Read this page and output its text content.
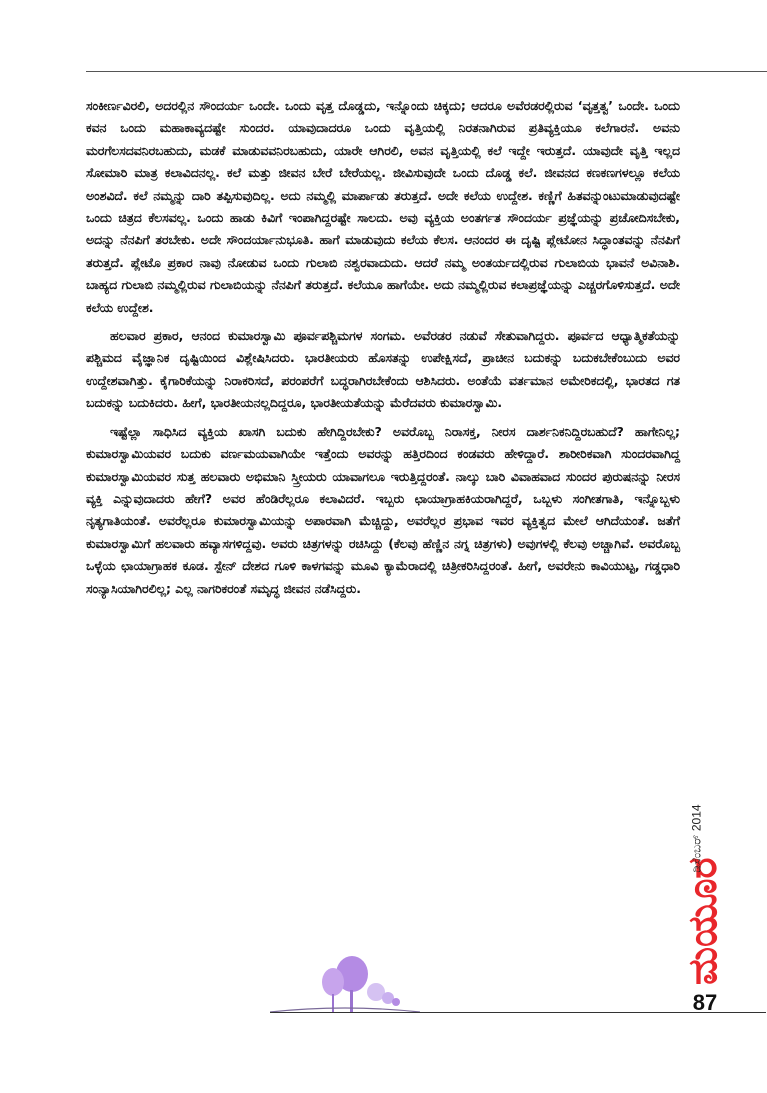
ಸಂಕೀರ್ಣವಿರಲಿ, ಅದರಲ್ಲಿನ ಸೌಂದರ್ಯ ಒಂದೇ. ಒಂದು ವೃತ್ತ ದೊಡ್ಡದು, ಇನ್ನೊಂದು ಚಿಕ್ಕದು; ಆದರೂ ಅವೆರಡರಲ್ಲಿರುವ ‘ವೃತ್ತತ್ವ’ ಒಂದೇ. ಒಂದು ಕವನ ಒಂದು ಮಹಾಕಾವ್ಯದಷ್ಟೇ ಸುಂದರ. ಯಾವುದಾದರೂ ಒಂದು ವೃತ್ತಿಯಲ್ಲಿ ನಿರತನಾಗಿರುವ ಪ್ರತಿವ್ಯಕ್ತಿಯೂ ಕಲೆಗಾರನೆ. ಅವನು ಮರಗೆಲಸದವನಿರಬಹುದು, ಮಡಕೆ ಮಾಡುವವನಿರಬಹುದು, ಯಾರೇ ಆಗಿರಲಿ, ಅವನ ವೃತ್ತಿಯಲ್ಲಿ ಕಲೆ ಇದ್ದೇ ಇರುತ್ತದೆ. ಯಾವುದೇ ವೃತ್ತಿ ಇಲ್ಲದ ಸೋಮಾರಿ ಮಾತ್ರ ಕಲಾವಿದನಲ್ಲ. ಕಲೆ ಮತ್ತು ಜೀವನ ಬೇರೆ ಬೇರೆಯಲ್ಲ. ಜೀವಿಸುವುದೇ ಒಂದು ದೊಡ್ಡ ಕಲೆ. ಜೀವನದ ಕಣಕಣಗಳಲ್ಲೂ ಕಲೆಯ ಅಂಶವಿದೆ. ಕಲೆ ನಮ್ಮನ್ನು ದಾರಿ ತಪ್ಪಿಸುವುದಿಲ್ಲ. ಅದು ನಮ್ಮಲ್ಲಿ ಮಾರ್ಪಾಡು ತರುತ್ತದೆ. ಅದೇ ಕಲೆಯ ಉದ್ದೇಶ. ಕಣ್ಣಿಗೆ ಹಿತವನ್ನುಂಟುಮಾಡುವುದಷ್ಟೇ ಒಂದು ಚಿತ್ರದ ಕೆಲಸವಲ್ಲ. ಒಂದು ಹಾಡು ಕಿವಿಗೆ ಇಂಪಾಗಿದ್ದರಷ್ಟೇ ಸಾಲದು. ಅವು ವ್ಯಕ್ತಿಯ ಅಂತರ್ಗತ ಸೌಂದರ್ಯ ಪ್ರಜ್ಞೆಯನ್ನು ಪ್ರಚೋದಿಸಬೇಕು, ಅದನ್ನು ನೆನಪಿಗೆ ತರಬೇಕು. ಅದೇ ಸೌಂದರ್ಯಾನುಭೂತಿ. ಹಾಗೆ ಮಾಡುವುದು ಕಲೆಯ ಕೆಲಸ. ಆನಂದರ ಈ ದೃಷ್ಟಿ ಪ್ಲೇಟೋನ ಸಿದ್ಧಾಂತವನ್ನು ನೆನಪಿಗೆ ತರುತ್ತದೆ. ಪ್ಲೇಟೊ ಪ್ರಕಾರ ನಾವು ನೋಡುವ ಒಂದು ಗುಲಾಬಿ ನಶ್ವರವಾದುದು. ಆದರೆ ನಮ್ಮ ಅಂತರ್ಯದಲ್ಲಿರುವ ಗುಲಾಬಿಯ ಭಾವನೆ ಅವಿನಾಶಿ. ಬಾಹ್ಯದ ಗುಲಾಬಿ ನಮ್ಮಲ್ಲಿರುವ ಗುಲಾಬಿಯನ್ನು ನೆನಪಿಗೆ ತರುತ್ತದೆ. ಕಲೆಯೂ ಹಾಗೆಯೇ. ಅದು ನಮ್ಮಲ್ಲಿರುವ ಕಲಾಪ್ರಜ್ಞೆಯನ್ನು ಎಚ್ಚರಗೊಳಿಸುತ್ತದೆ. ಅದೇ ಕಲೆಯ ಉದ್ದೇಶ.

ಹಲವಾರ ಪ್ರಕಾರ, ಆನಂದ ಕುಮಾರಸ್ವಾಮಿ ಪೂರ್ವಪಶ್ಚಿಮಗಳ ಸಂಗಮ. ಅವೆರಡರ ನಡುವೆ ಸೇತುವಾಗಿದ್ದರು. ಪೂರ್ವದ ಆಧ್ಯಾತ್ಮಿಕತೆಯನ್ನು ಪಶ್ಚಿಮದ ವೈಜ್ಞಾನಿಕ ದೃಷ್ಟಿಯಿಂದ ವಿಶ್ಲೇಷಿಸಿದರು. ಭಾರತೀಯರು ಹೊಸತನ್ನು ಉಪೇಕ್ಷಿಸದೆ, ಪ್ರಾಚೀನ ಬದುಕನ್ನು ಬದುಕಬೇಕೆಂಬುದು ಅವರ ಉದ್ದೇಶವಾಗಿತ್ತು. ಕೈಗಾರಿಕೆಯನ್ನು ನಿರಾಕರಿಸದೆ, ಪರಂಪರೆಗೆ ಬದ್ಧರಾಗಿರಬೇಕೆಂದು ಆಶಿಸಿದರು. ಅಂತೆಯೆ ವರ್ತಮಾನ ಅಮೇರಿಕದಲ್ಲಿ, ಭಾರತದ ಗತ ಬದುಕನ್ನು ಬದುಕಿದರು. ಹೀಗೆ, ಭಾರತೀಯನಲ್ಲದಿದ್ದರೂ, ಭಾರತೀಯತೆಯನ್ನು ಮೆರೆದವರು ಕುಮಾರಸ್ವಾಮಿ.

ಇಷ್ಟೆಲ್ಲಾ ಸಾಧಿಸಿದ ವ್ಯಕ್ತಿಯ ಖಾಸಗಿ ಬದುಕು ಹೇಗಿದ್ದಿರಬೇಕು? ಅವರೊಬ್ಬ ನಿರಾಸಕ್ತ, ನೀರಸ ದಾರ್ಶನಿಕನಿದ್ದಿರಬಹುದೆ? ಹಾಗೇನಿಲ್ಲ; ಕುಮಾರಸ್ವಾಮಿಯವರ ಬದುಕು ವರ್ಣಮಯವಾಗಿಯೇ ಇತ್ತೆಂದು ಅವರನ್ನು ಹತ್ತಿರದಿಂದ ಕಂಡವರು ಹೇಳಿದ್ದಾರೆ. ಶಾರೀರಿಕವಾಗಿ ಸುಂದರವಾಗಿದ್ದ ಕುಮಾರಸ್ವಾಮಿಯವರ ಸುತ್ತ ಹಲವಾರು ಅಭಿಮಾನಿ ಸ್ತ್ರೀಯರು ಯಾವಾಗಲೂ ಇರುತ್ತಿದ್ದರಂತೆ. ನಾಲ್ಕು ಬಾರಿ ವಿವಾಹವಾದ ಸುಂದರ ಪುರುಷನನ್ನು ನೀರಸ ವ್ಯಕ್ತಿ ಎನ್ನುವುದಾದರು ಹೇಗೆ? ಅವರ ಹೆಂಡಿರೆಲ್ಲರೂ ಕಲಾವಿದರೆ. ಇಬ್ಬರು ಛಾಯಾಗ್ರಾಹಕಿಯರಾಗಿದ್ದರೆ, ಒಬ್ಬಳು ಸಂಗೀತಗಾತಿ, ಇನ್ನೊಬ್ಬಳು ನೃತ್ಯಗಾತಿಯಂತೆ. ಅವರೆಲ್ಲರೂ ಕುಮಾರಸ್ವಾಮಿಯನ್ನು ಅಪಾರವಾಗಿ ಮೆಚ್ಚಿದ್ದು, ಅವರೆಲ್ಲರ ಪ್ರಭಾವ ಇವರ ವ್ಯಕ್ತಿತ್ವದ ಮೇಲೆ ಆಗಿದೆಯಂತೆ. ಜತೆಗೆ ಕುಮಾರಸ್ವಾಮಿಗೆ ಹಲವಾರು ಹವ್ಯಾಸಗಳಿದ್ದವು. ಅವರು ಚಿತ್ರಗಳನ್ನು ರಚಿಸಿದ್ದು (ಕೆಲವು ಹೆಣ್ಣಿನ ನಗ್ನ ಚಿತ್ರಗಳು) ಅವುಗಳಲ್ಲಿ ಕೆಲವು ಅಚ್ಚಾಗಿವೆ. ಅವರೊಬ್ಬ ಒಳ್ಳೆಯ ಛಾಯಾಗ್ರಾಹಕ ಕೂಡ. ಸ್ಪೇನ್ ದೇಶದ ಗೂಳಿ ಕಾಳಗವನ್ನು ಮೂವಿ ಕ್ಯಾಮೆರಾದಲ್ಲಿ ಚಿತ್ರೀಕರಿಸಿದ್ದರಂತೆ. ಹೀಗೆ, ಅವರೇನು ಕಾವಿಯುಟ್ಟ, ಗಡ್ಡಧಾರಿ ಸಂನ್ಯಾಸಿಯಾಗಿರಲಿಲ್ಲ; ಎಲ್ಲ ನಾಗರಿಕರಂತೆ ಸಮೃದ್ಧ ಜೀವನ ನಡೆಸಿದ್ದರು.

ಮಯೂರ
ಡಿಸೆಂಬರ್ 2014
87
